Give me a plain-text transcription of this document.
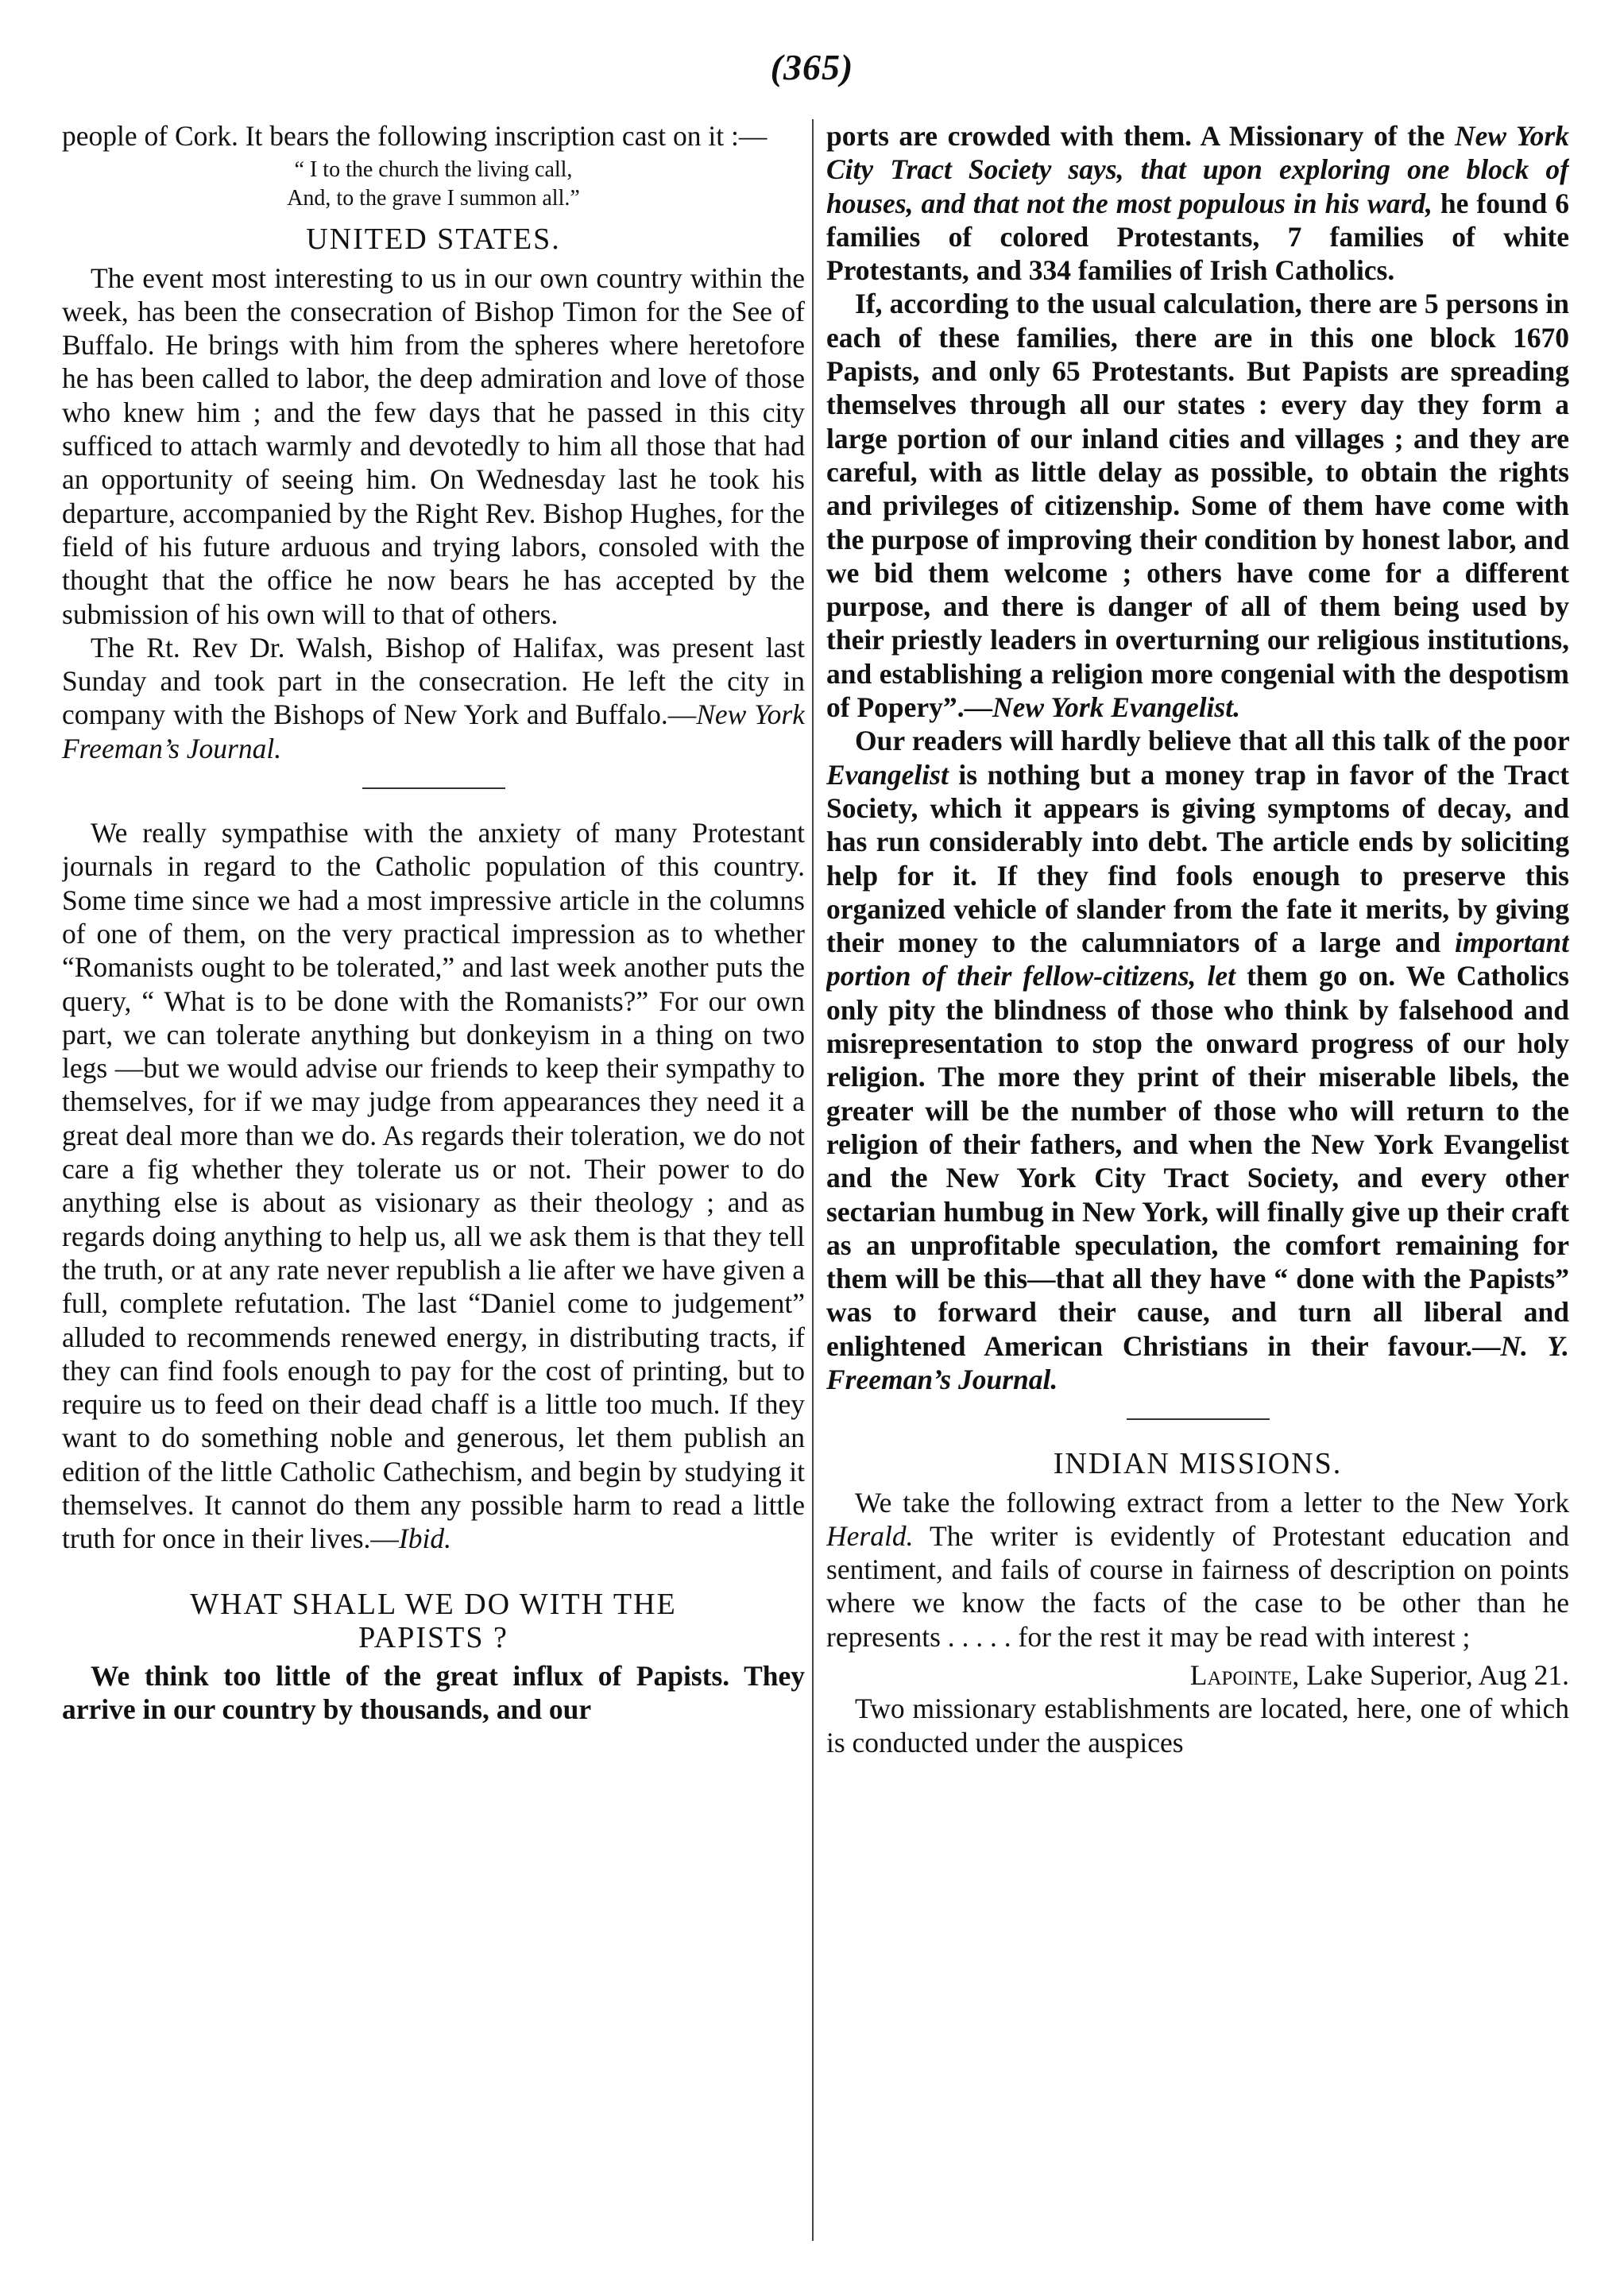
(365)

people of Cork. It bears the following inscription cast on it :—

“ I to the church the living call,
And, to the grave I summon all.”
UNITED STATES.

The event most interesting to us in our own country within the week, has been the consecration of Bishop Timon for the See of Buffalo. He brings with him from the spheres where heretofore he has been called to labor, the deep admiration and love of those who knew him ; and the few days that he passed in this city sufficed to attach warmly and devotedly to him all those that had an opportunity of seeing him. On Wednesday last he took his departure, accompanied by the Right Rev. Bishop Hughes, for the field of his future arduous and trying labors, consoled with the thought that the office he now bears he has accepted by the submission of his own will to that of others.

The Rt. Rev Dr. Walsh, Bishop of Halifax, was present last Sunday and took part in the consecration. He left the city in company with the Bishops of New York and Buffalo.—New York Freeman’s Journal.

We really sympathise with the anxiety of many Protestant journals in regard to the Catholic population of this country. Some time since we had a most impressive article in the columns of one of them, on the very practical impression as to whether “Romanists ought to be tolerated,” and last week another puts the query, “ What is to be done with the Romanists?” For our own part, we can tolerate anything but donkeyism in a thing on two legs —but we would advise our friends to keep their sympathy to themselves, for if we may judge from appearances they need it a great deal more than we do. As regards their toleration, we do not care a fig whether they tolerate us or not. Their power to do anything else is about as visionary as their theology ; and as regards doing anything to help us, all we ask them is that they tell the truth, or at any rate never republish a lie after we have given a full, complete refutation. The last “Daniel come to judgement” alluded to recommends renewed energy, in distributing tracts, if they can find fools enough to pay for the cost of printing, but to require us to feed on their dead chaff is a little too much. If they want to do something noble and generous, let them publish an edition of the little Catholic Cathechism, and begin by studying it themselves. It cannot do them any possible harm to read a little truth for once in their lives.—Ibid.

WHAT SHALL WE DO WITH THE
PAPISTS ?

We think too little of the great influx of Papists. They arrive in our country by thousands, and our

ports are crowded with them. A Missionary of the New York City Tract Society says, that upon exploring one block of houses, and that not the most populous in his ward, he found 6 families of colored Protestants, 7 families of white Protestants, and 334 families of Irish Catholics.

If, according to the usual calculation, there are 5 persons in each of these families, there are in this one block 1670 Papists, and only 65 Protestants. But Papists are spreading themselves through all our states : every day they form a large portion of our inland cities and villages ; and they are careful, with as little delay as possible, to obtain the rights and privileges of citizenship. Some of them have come with the purpose of improving their condition by honest labor, and we bid them welcome ; others have come for a different purpose, and there is danger of all of them being used by their priestly leaders in overturning our religious institutions, and establishing a religion more congenial with the despotism of Popery”.—New York Evangelist.

Our readers will hardly believe that all this talk of the poor Evangelist is nothing but a money trap in favor of the Tract Society, which it appears is giving symptoms of decay, and has run considerably into debt. The article ends by soliciting help for it. If they find fools enough to preserve this organized vehicle of slander from the fate it merits, by giving their money to the calumniators of a large and important portion of their fellow-citizens, let them go on. We Catholics only pity the blindness of those who think by falsehood and misrepresentation to stop the onward progress of our holy religion. The more they print of their miserable libels, the greater will be the number of those who will return to the religion of their fathers, and when the New York Evangelist and the New York City Tract Society, and every other sectarian humbug in New York, will finally give up their craft as an unprofitable speculation, the comfort remaining for them will be this—that all they have “ done with the Papists” was to forward their cause, and turn all liberal and enlightened American Christians in their favour.—N. Y. Freeman’s Journal.

INDIAN MISSIONS.

We take the following extract from a letter to the New York Herald. The writer is evidently of Protestant education and sentiment, and fails of course in fairness of description on points where we know the facts of the case to be other than he represents . . . . . for the rest it may be read with interest ;

Lapointe, Lake Superior, Aug 21.

Two missionary establishments are located, here, one of which is conducted under the auspices
